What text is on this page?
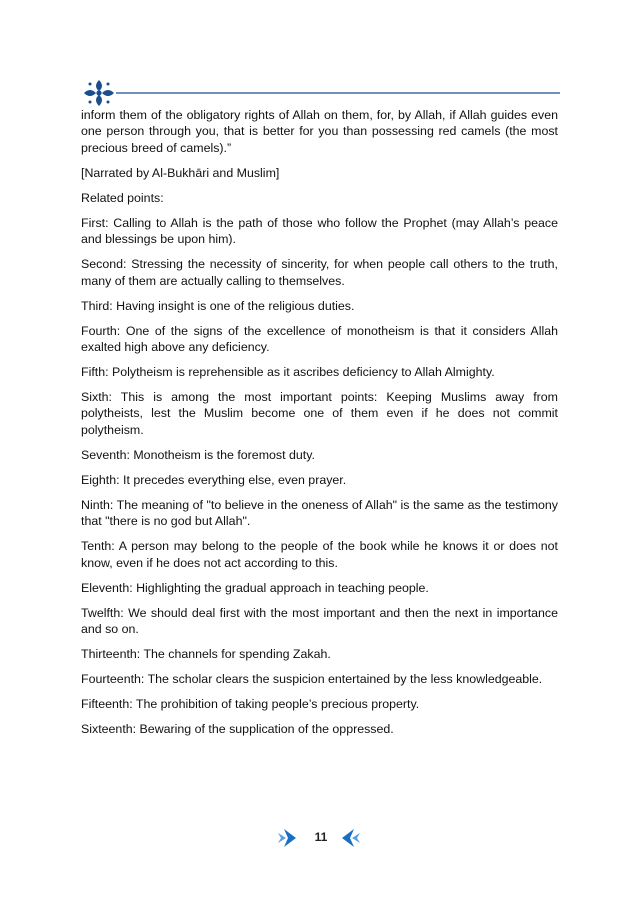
inform them of the obligatory rights of Allah on them, for, by Allah, if Allah guides even one person through you, that is better for you than possessing red camels (the most precious breed of camels).”

[Narrated by Al-Bukhāri and Muslim]

Related points:

First: Calling to Allah is the path of those who follow the Prophet (may Allah’s peace and blessings be upon him).

Second: Stressing the necessity of sincerity, for when people call others to the truth, many of them are actually calling to themselves.

Third: Having insight is one of the religious duties.

Fourth: One of the signs of the excellence of monotheism is that it considers Allah exalted high above any deficiency.

Fifth: Polytheism is reprehensible as it ascribes deficiency to Allah Almighty.

Sixth: This is among the most important points: Keeping Muslims away from polytheists, lest the Muslim become one of them even if he does not commit polytheism.

Seventh: Monotheism is the foremost duty.

Eighth: It precedes everything else, even prayer.

Ninth: The meaning of "to believe in the oneness of Allah" is the same as the testimony that "there is no god but Allah".

Tenth: A person may belong to the people of the book while he knows it or does not know, even if he does not act according to this.

Eleventh: Highlighting the gradual approach in teaching people.

Twelfth: We should deal first with the most important and then the next in importance and so on.

Thirteenth: The channels for spending Zakah.

Fourteenth: The scholar clears the suspicion entertained by the less knowledgeable.

Fifteenth: The prohibition of taking people’s precious property.

Sixteenth: Bewaring of the supplication of the oppressed.

11
